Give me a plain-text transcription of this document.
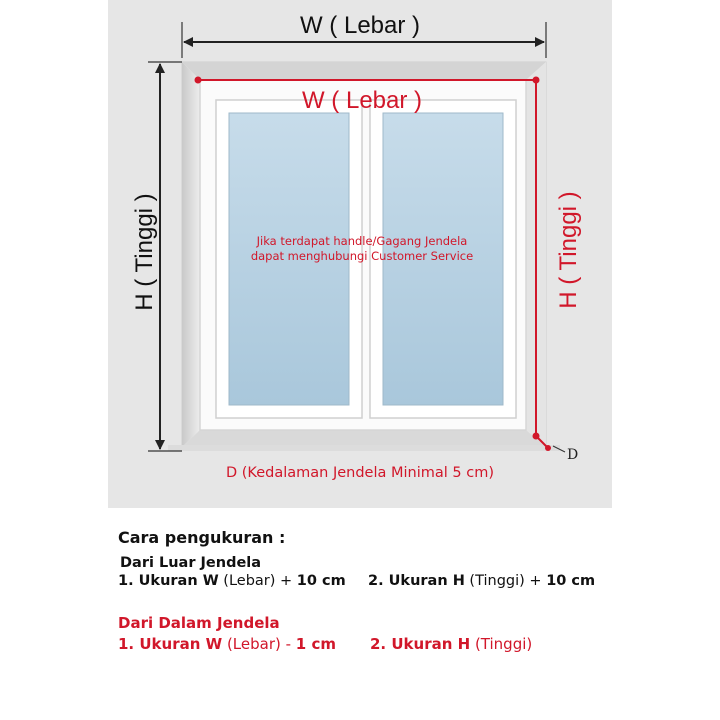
W ( Lebar )
H ( Tinggi )
W ( Lebar )
H ( Tinggi )
D
Jika terdapat handle/Gagang Jendela
dapat menghubungi Customer Service
D (Kedalaman Jendela Minimal 5 cm)
Cara pengukuran :
Dari Luar Jendela
1. Ukuran W (Lebar) + 10 cm 2. Ukuran H (Tinggi) + 10 cm
Dari Dalam Jendela
1. Ukuran W (Lebar) - 1 cm 2. Ukuran H (Tinggi)
